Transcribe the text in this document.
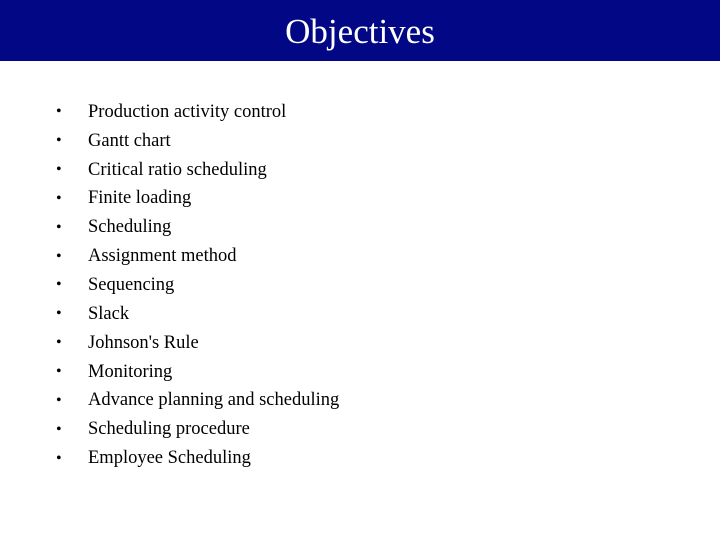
Objectives
•	Production activity control
•	Gantt chart
•	Critical ratio scheduling
•	Finite loading
•	Scheduling
•	Assignment method
•	Sequencing
•	Slack
•	Johnson's Rule
•	Monitoring
•	Advance planning and scheduling
•	Scheduling procedure
•	Employee Scheduling
